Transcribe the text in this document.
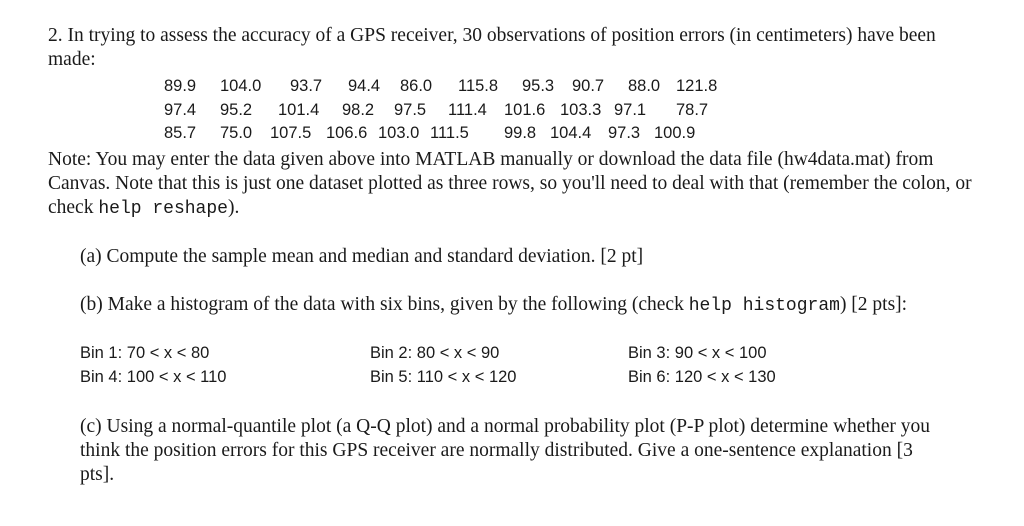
2. In trying to assess the accuracy of a GPS receiver, 30 observations of position errors (in centimeters) have been made:

89.9	104.0	93.7	94.4	86.0	115.8	95.3	90.7	88.0 121.8
97.4	95.2	101.4	98.2	97.5	111.4	101.6 103.3 97.1	78.7
85.7	75.0	107.5 106.6 103.0 111.5	99.8 104.4	97.3 100.9

Note: You may enter the data given above into MATLAB manually or download the data file (hw4data.mat) from Canvas. Note that this is just one dataset plotted as three rows, so you'll need to deal with that (remember the colon, or check help reshape).

(a) Compute the sample mean and median and standard deviation. [2 pt]

(b) Make a histogram of the data with six bins, given by the following (check help histogram) [2 pts]:

Bin 1: 70 < x < 80	Bin 2: 80 < x < 90	Bin 3: 90 < x < 100
Bin 4: 100 < x < 110	Bin 5: 110 < x < 120	Bin 6: 120 < x < 130

(c) Using a normal-quantile plot (a Q-Q plot) and a normal probability plot (P-P plot) determine whether you think the position errors for this GPS receiver are normally distributed. Give a one-sentence explanation [3 pts].
